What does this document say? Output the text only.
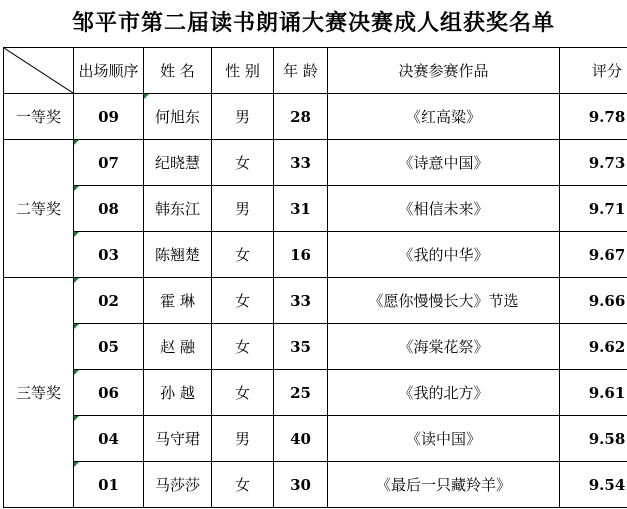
邹平市第二届读书朗诵大赛决赛成人组获奖名单
	出场顺序	姓 名	性 别	年 龄	决赛参赛作品	评分
一等奖	09	何旭东	男	28	《红高粱》	9.78
二等奖	07	纪晓慧	女	33	《诗意中国》	9.73
	08	韩东江	男	31	《相信未来》	9.71
	03	陈翘楚	女	16	《我的中华》	9.67
三等奖	02	霍 琳	女	33	《愿你慢慢长大》节选	9.66
	05	赵 融	女	35	《海棠花祭》	9.62
	06	孙 越	女	25	《我的北方》	9.61
	04	马守珺	男	40	《读中国》	9.58
	01	马莎莎	女	30	《最后一只藏羚羊》	9.54
